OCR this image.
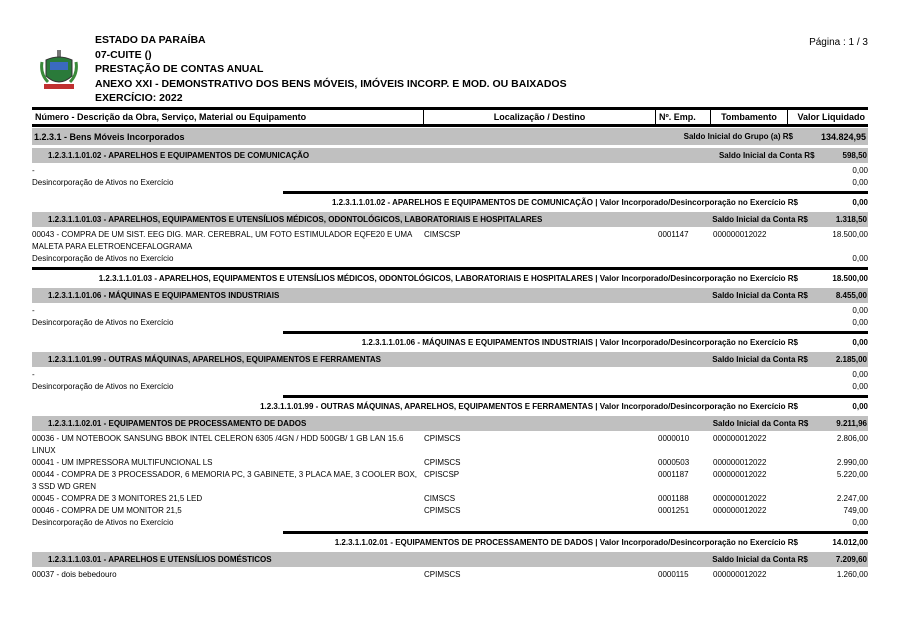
ESTADO DA PARAÍBA
07-CUITE ()
PRESTAÇÃO DE CONTAS ANUAL
ANEXO XXI - DEMONSTRATIVO DOS BENS MÓVEIS, IMÓVEIS INCORP. E MOD. OU BAIXADOS
EXERCÍCIO: 2022
Página : 1 / 3
Número - Descrição da Obra, Serviço, Material ou Equipamento	Localização / Destino	Nº. Emp.	Tombamento	Valor Liquidado
1.2.3.1 - Bens Móveis Incorporados	Saldo Inicial do Grupo (a) R$	134.824,95
1.2.3.1.1.01.02 - APARELHOS E EQUIPAMENTOS DE COMUNICAÇÃO	Saldo Inicial da Conta R$	598,50
-	0,00
Desincorporação de Ativos no Exercício	0,00
1.2.3.1.1.01.02 - APARELHOS E EQUIPAMENTOS DE COMUNICAÇÃO | Valor Incorporado/Desincorporação no Exercício R$	0,00
1.2.3.1.1.01.03 - APARELHOS, EQUIPAMENTOS E UTENSÍLIOS MÉDICOS, ODONTOLÓGICOS, LABORATORIAIS E HOSPITALARES	Saldo Inicial da Conta R$	1.318,50
00043 - COMPRA DE UM SIST. EEG DIG. MAR. CEREBRAL, UM FOTO ESTIMULADOR EQFE20 E UMA MALETA PARA ELETROENCEFALOGRAMA
CIMSCSP	0001147	000000012022	18.500,00
Desincorporação de Ativos no Exercício	0,00
1.2.3.1.1.01.03 - APARELHOS, EQUIPAMENTOS E UTENSÍLIOS MÉDICOS, ODONTOLÓGICOS, LABORATORIAIS E HOSPITALARES | Valor Incorporado/Desincorporação no Exercício R$	18.500,00
1.2.3.1.1.01.06 - MÁQUINAS E EQUIPAMENTOS INDUSTRIAIS	Saldo Inicial da Conta R$	8.455,00
-	0,00
Desincorporação de Ativos no Exercício	0,00
1.2.3.1.1.01.06 - MÁQUINAS E EQUIPAMENTOS INDUSTRIAIS | Valor Incorporado/Desincorporação no Exercício R$	0,00
1.2.3.1.1.01.99 - OUTRAS MÁQUINAS, APARELHOS, EQUIPAMENTOS E FERRAMENTAS	Saldo Inicial da Conta R$	2.185,00
-	0,00
Desincorporação de Ativos no Exercício	0,00
1.2.3.1.1.01.99 - OUTRAS MÁQUINAS, APARELHOS, EQUIPAMENTOS E FERRAMENTAS | Valor Incorporado/Desincorporação no Exercício R$	0,00
1.2.3.1.1.02.01 - EQUIPAMENTOS DE PROCESSAMENTO DE DADOS	Saldo Inicial da Conta R$	9.211,96
00036 - UM NOTEBOOK SANSUNG BBOK INTEL CELERON 6305 /4GN / HDD 500GB/ 1 GB LAN 15.6 LINUX
CPIMSCS	0000010	000000012022	2.806,00
00041 - UM IMPRESSORA MULTIFUNCIONAL LS	CPIMSCS	0000503	000000012022	2.990,00
00044 - COMPRA DE 3 PROCESSADOR, 6 MEMORIA PC, 3 GABINETE, 3 PLACA MAE, 3 COOLER BOX, 3 SSD WD GREN
CPISCSP	0001187	000000012022	5.220,00
00045 - COMPRA DE 3 MONITORES 21,5 LED	CIMSCS	0001188	000000012022	2.247,00
00046 - COMPRA DE UM MONITOR 21,5	CPIMSCS	0001251	000000012022	749,00
Desincorporação de Ativos no Exercício	0,00
1.2.3.1.1.02.01 - EQUIPAMENTOS DE PROCESSAMENTO DE DADOS | Valor Incorporado/Desincorporação no Exercício R$	14.012,00
1.2.3.1.1.03.01 - APARELHOS E UTENSÍLIOS DOMÉSTICOS	Saldo Inicial da Conta R$	7.209,60
00037 - dois bebedouro	CPIMSCS	0000115	000000012022	1.260,00
